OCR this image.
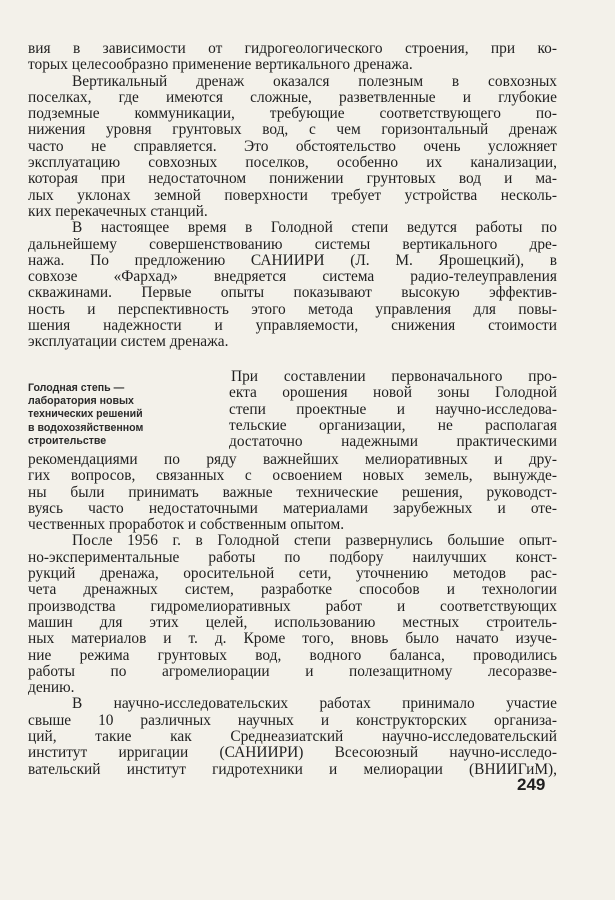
вия в зависимости от гидрогеологического строения, при ко-
торых целесообразно применение вертикального дренажа.
Вертикальный дренаж оказался полезным в совхозных
поселках, где имеются сложные, разветвленные и глубокие
подземные коммуникации, требующие соответствующего по-
нижения уровня грунтовых вод, с чем горизонтальный дренаж
часто не справляется. Это обстоятельство очень усложняет
эксплуатацию совхозных поселков, особенно их канализации,
которая при недостаточном понижении грунтовых вод и ма-
лых уклонах земной поверхности требует устройства несколь-
ких перекачечных станций.
В настоящее время в Голодной степи ведутся работы по
дальнейшему совершенствованию системы вертикального дре-
нажа. По предложению САНИИРИ (Л. М. Ярошецкий), в
совхозе «Фархад» внедряется система радио-телеуправления
скважинами. Первые опыты показывают высокую эффектив-
ность и перспективность этого метода управления для повы-
шения надежности и управляемости, снижения стоимости
эксплуатации систем дренажа.
Голодная степь —
лаборатория новых
технических решений
в водохозяйственном
строительстве
При составлении первоначального про-
екта орошения новой зоны Голодной
степи проектные и научно-исследова-
тельские организации, не располагая
достаточно надежными практическими
рекомендациями по ряду важнейших мелиоративных и дру-
гих вопросов, связанных с освоением новых земель, вынужде-
ны были принимать важные технические решения, руководст-
вуясь часто недостаточными материалами зарубежных и оте-
чественных проработок и собственным опытом.
После 1956 г. в Голодной степи развернулись большие опыт-
но-экспериментальные работы по подбору наилучших конст-
рукций дренажа, оросительной сети, уточнению методов рас-
чета дренажных систем, разработке способов и технологии
производства гидромелиоративных работ и соответствующих
машин для этих целей, использованию местных строитель-
ных материалов и т. д. Кроме того, вновь было начато изуче-
ние режима грунтовых вод, водного баланса, проводились
работы по агромелиорации и полезащитному лесоразве-
дению.
В научно-исследовательских работах принимало участие
свыше 10 различных научных и конструкторских организа-
ций, такие как Среднеазиатский научно-исследовательский
институт ирригации (САНИИРИ) Всесоюзный научно-исследо-
вательский институт гидротехники и мелиорации (ВНИИГиМ),
249
